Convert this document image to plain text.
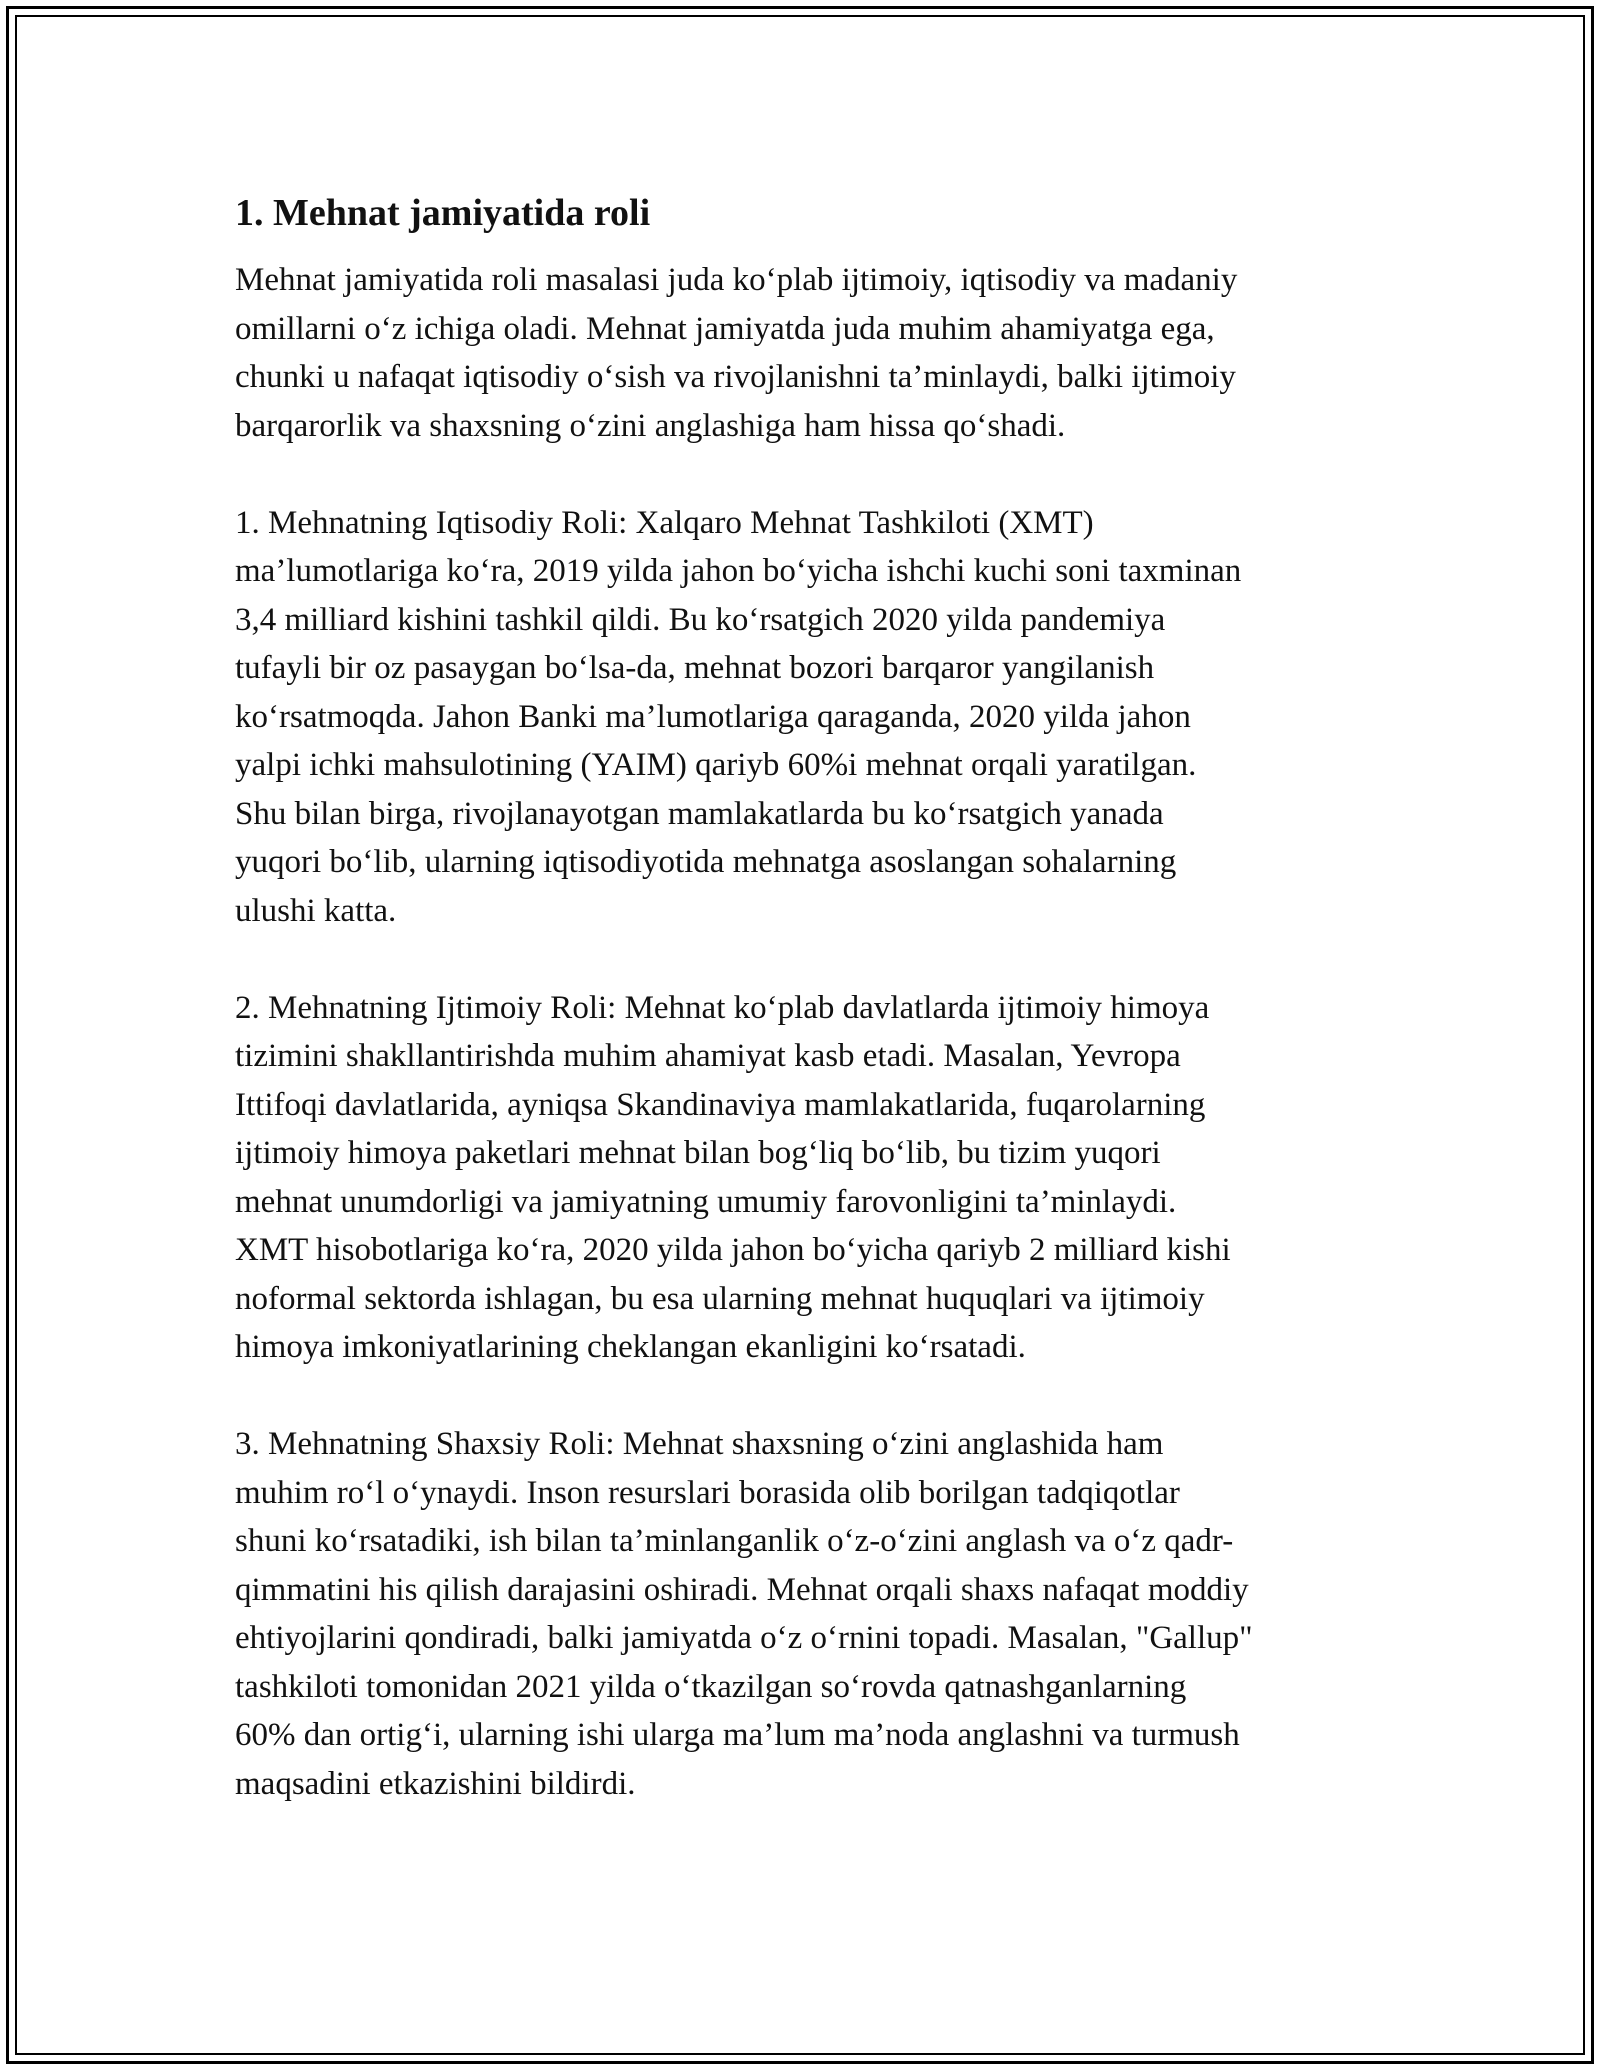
1. Mehnat jamiyatida roli

Mehnat jamiyatida roli masalasi juda ko‘plab ijtimoiy, iqtisodiy va madaniy
omillarni o‘z ichiga oladi. Mehnat jamiyatda juda muhim ahamiyatga ega,
chunki u nafaqat iqtisodiy o‘sish va rivojlanishni ta’minlaydi, balki ijtimoiy
barqarorlik va shaxsning o‘zini anglashiga ham hissa qo‘shadi.

1. Mehnatning Iqtisodiy Roli: Xalqaro Mehnat Tashkiloti (XMT)
ma’lumotlariga ko‘ra, 2019 yilda jahon bo‘yicha ishchi kuchi soni taxminan
3,4 milliard kishini tashkil qildi. Bu ko‘rsatgich 2020 yilda pandemiya
tufayli bir oz pasaygan bo‘lsa-da, mehnat bozori barqaror yangilanish
ko‘rsatmoqda. Jahon Banki ma’lumotlariga qaraganda, 2020 yilda jahon
yalpi ichki mahsulotining (YAIM) qariyb 60%i mehnat orqali yaratilgan.
Shu bilan birga, rivojlanayotgan mamlakatlarda bu ko‘rsatgich yanada
yuqori bo‘lib, ularning iqtisodiyotida mehnatga asoslangan sohalarning
ulushi katta.

2. Mehnatning Ijtimoiy Roli: Mehnat ko‘plab davlatlarda ijtimoiy himoya
tizimini shakllantirishda muhim ahamiyat kasb etadi. Masalan, Yevropa
Ittifoqi davlatlarida, ayniqsa Skandinaviya mamlakatlarida, fuqarolarning
ijtimoiy himoya paketlari mehnat bilan bog‘liq bo‘lib, bu tizim yuqori
mehnat unumdorligi va jamiyatning umumiy farovonligini ta’minlaydi.
XMT hisobotlariga ko‘ra, 2020 yilda jahon bo‘yicha qariyb 2 milliard kishi
noformal sektorda ishlagan, bu esa ularning mehnat huquqlari va ijtimoiy
himoya imkoniyatlarining cheklangan ekanligini ko‘rsatadi.

3. Mehnatning Shaxsiy Roli: Mehnat shaxsning o‘zini anglashida ham
muhim ro‘l o‘ynaydi. Inson resurslari borasida olib borilgan tadqiqotlar
shuni ko‘rsatadiki, ish bilan ta’minlanganlik o‘z-o‘zini anglash va o‘z qadr-
qimmatini his qilish darajasini oshiradi. Mehnat orqali shaxs nafaqat moddiy
ehtiyojlarini qondiradi, balki jamiyatda o‘z o‘rnini topadi. Masalan, "Gallup"
tashkiloti tomonidan 2021 yilda o‘tkazilgan so‘rovda qatnashganlarning
60% dan ortig‘i, ularning ishi ularga ma’lum ma’noda anglashni va turmush
maqsadini etkazishini bildirdi.
